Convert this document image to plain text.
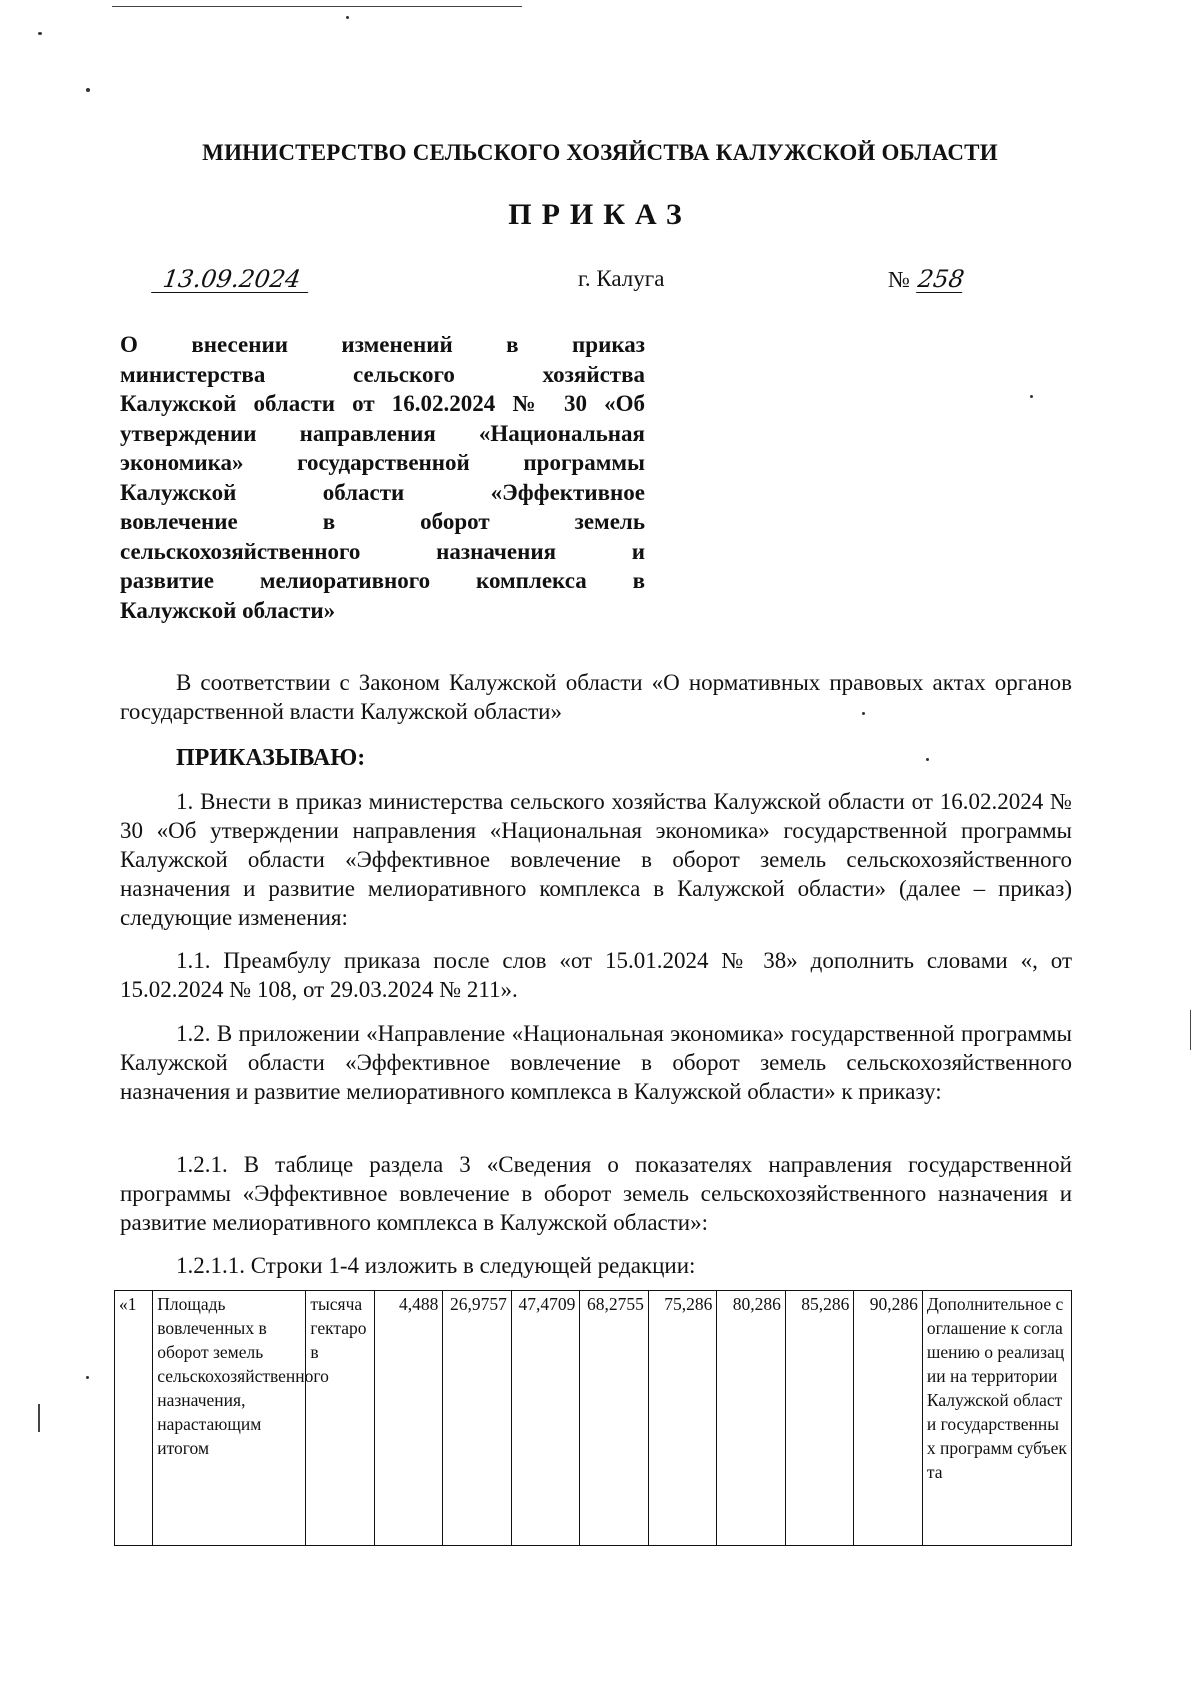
МИНИСТЕРСТВО СЕЛЬСКОГО ХОЗЯЙСТВА КАЛУЖСКОЙ ОБЛАСТИ
ПРИКАЗ
13.09.2024	г. Калуга	№ 258
О внесении изменений в приказ
министерства сельского хозяйства
Калужской области от 16.02.2024 № 30 «Об
утверждении направления «Национальная
экономика» государственной программы
Калужской области «Эффективное
вовлечение в оборот земель
сельскохозяйственного назначения и
развитие мелиоративного комплекса в
Калужской области»
В соответствии с Законом Калужской области «О нормативных правовых актах органов государственной власти Калужской области»
ПРИКАЗЫВАЮ:
1. Внести в приказ министерства сельского хозяйства Калужской области от 16.02.2024 № 30 «Об утверждении направления «Национальная экономика» государственной программы Калужской области «Эффективное вовлечение в оборот земель сельскохозяйственного назначения и развитие мелиоративного комплекса в Калужской области» (далее – приказ) следующие изменения:
1.1. Преамбулу приказа после слов «от 15.01.2024 № 38» дополнить словами «, от 15.02.2024 № 108, от 29.03.2024 № 211».
1.2. В приложении «Направление «Национальная экономика» государственной программы Калужской области «Эффективное вовлечение в оборот земель сельскохозяйственного назначения и развитие мелиоративного комплекса в Калужской области» к приказу:
1.2.1. В таблице раздела 3 «Сведения о показателях направления государственной программы «Эффективное вовлечение в оборот земель сельскохозяйственного назначения и развитие мелиоративного комплекса в Калужской области»:
1.2.1.1. Строки 1-4 изложить в следующей редакции:
«1	Площадь вовлеченных в оборот земель сельскохозяйственного назначения, нарастающим итогом	тысяча гектаров	4,488	26,9757	47,4709	68,2755	75,286	80,286	85,286	90,286	Дополнительное соглашение к соглашению о реализации на территории Калужской области государственных программ субъекта
